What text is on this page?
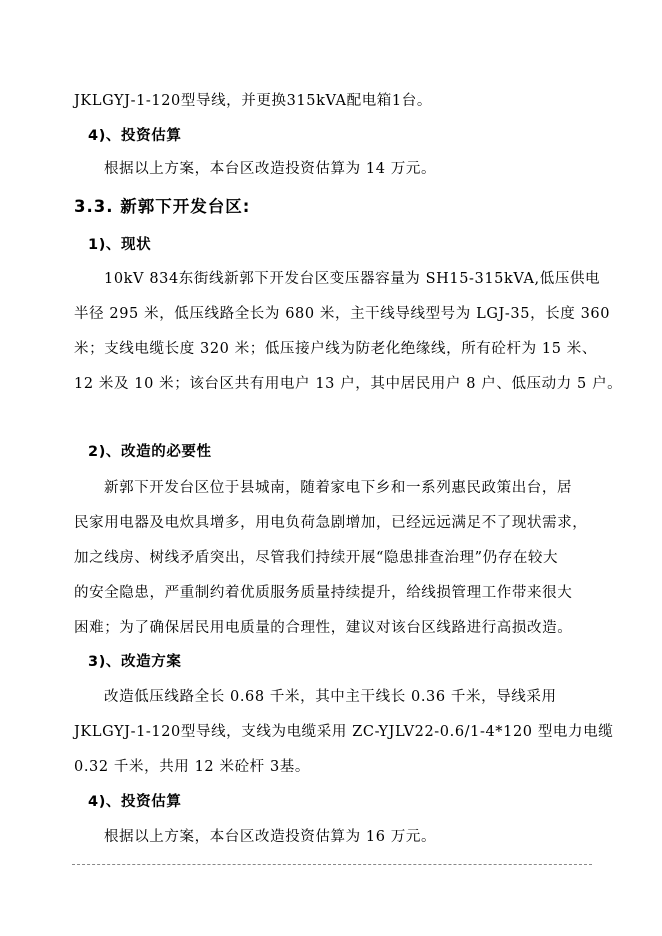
JKLGYJ-1-120型导线，并更换315kVA配电箱1台。
4)、投资估算
根据以上方案，本台区改造投资估算为 14 万元。
3.3. 新郭下开发台区:
1)、现状
10kV 834东街线新郭下开发台区变压器容量为 SH15-315kVA,低压供电
半径 295 米，低压线路全长为 680 米，主干线导线型号为 LGJ-35，长度 360
米；支线电缆长度 320 米；低压接户线为防老化绝缘线，所有砼杆为 15 米、
12 米及 10 米；该台区共有用电户 13 户，其中居民用户 8 户、低压动力 5 户。
2)、改造的必要性
新郭下开发台区位于县城南，随着家电下乡和一系列惠民政策出台，居
民家用电器及电炊具增多，用电负荷急剧增加，已经远远满足不了现状需求，
加之线房、树线矛盾突出，尽管我们持续开展“隐患排查治理”仍存在较大
的安全隐患，严重制约着优质服务质量持续提升，给线损管理工作带来很大
困难；为了确保居民用电质量的合理性，建议对该台区线路进行高损改造。
3)、改造方案
改造低压线路全长 0.68 千米，其中主干线长 0.36 千米，导线采用
JKLGYJ-1-120型导线，支线为电缆采用 ZC-YJLV22-0.6/1-4*120 型电力电缆
0.32 千米，共用 12 米砼杆 3基。
4)、投资估算
根据以上方案，本台区改造投资估算为 16 万元。
